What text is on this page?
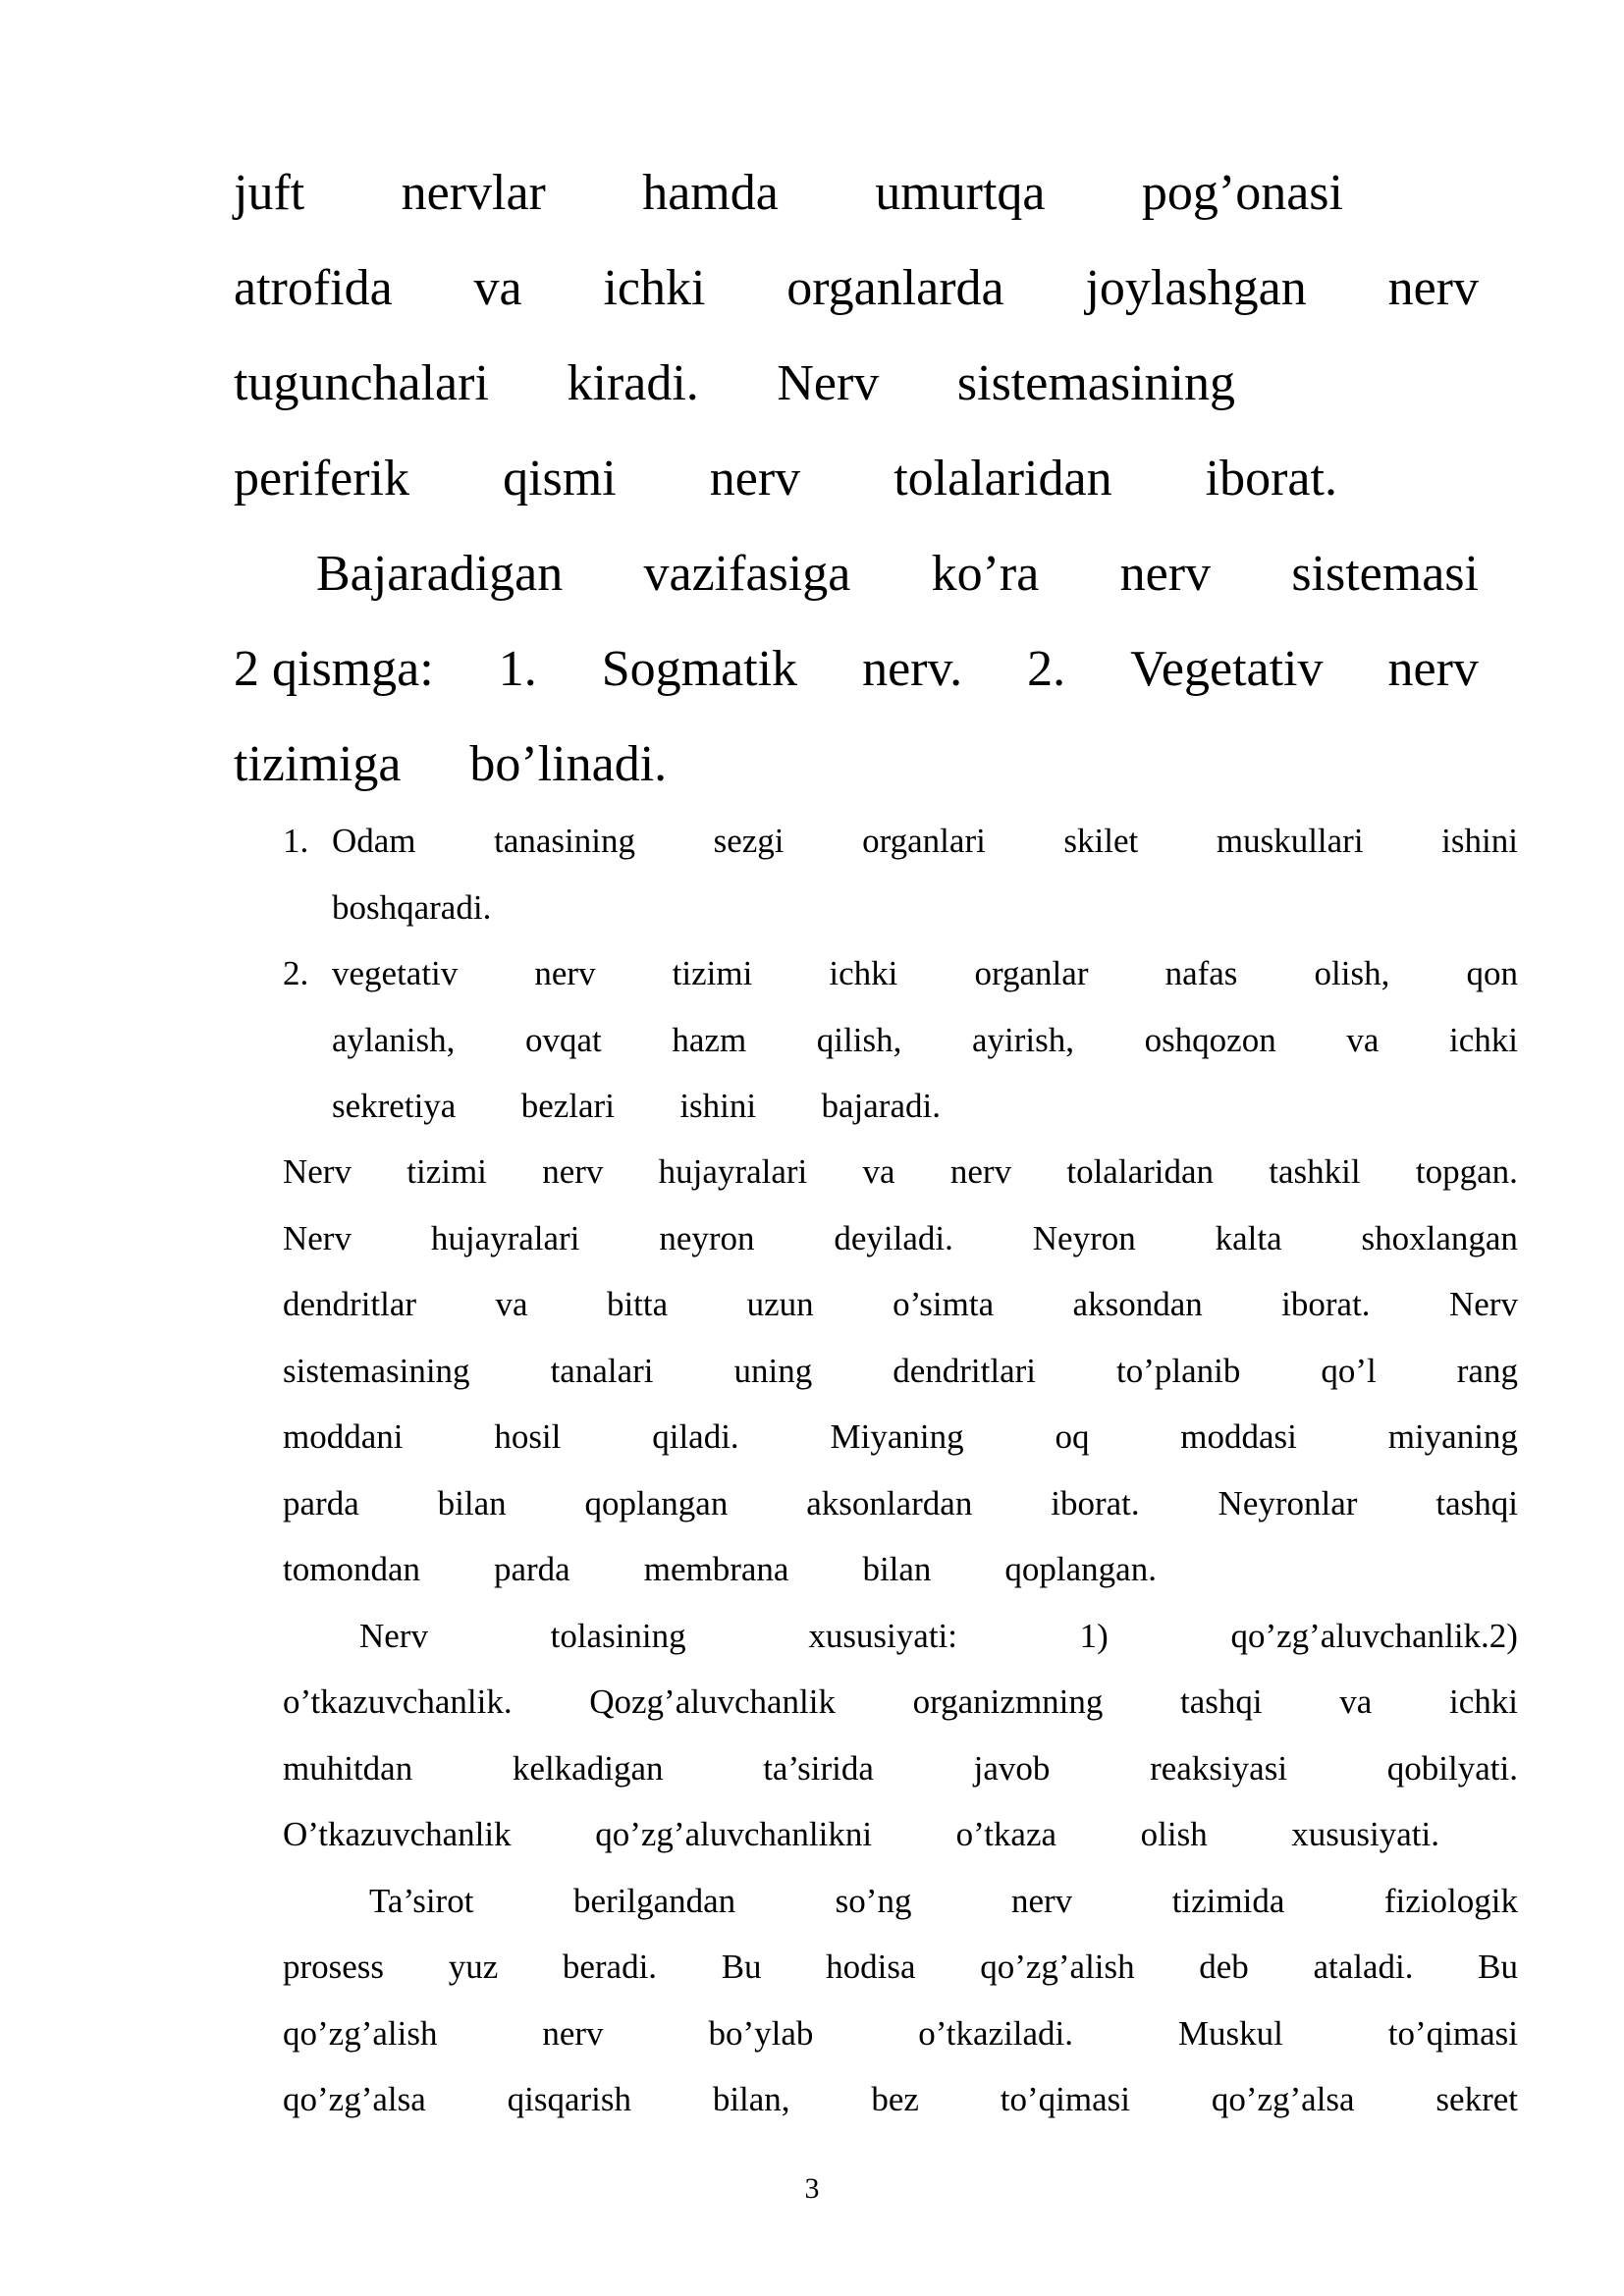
juft nervlar hamda umurtqa pog’onasi
atrofida va ichki organlarda joylashgan nerv
tugunchalari kiradi. Nerv sistemasining
periferik qismi nerv tolalaridan iborat.
Bajaradigan vazifasiga ko’ra nerv sistemasi
2 qismga: 1. Sogmatik nerv. 2. Vegetativ nerv
tizimiga bo’linadi.
1. Odam tanasining sezgi organlari skilet muskullari ishini
boshqaradi.
2. vegetativ nerv tizimi ichki organlar nafas olish, qon
aylanish, ovqat hazm qilish, ayirish, oshqozon va ichki
sekretiya bezlari ishini bajaradi.
Nerv tizimi nerv hujayralari va nerv tolalaridan tashkil topgan.
Nerv hujayralari neyron deyiladi. Neyron kalta shoxlangan
dendritlar va bitta uzun o’simta aksondan iborat. Nerv
sistemasining tanalari uning dendritlari to’planib qo’l rang
moddani	hosil	qiladi.	Miyaning	oq	moddasi	miyaning
parda bilan qoplangan aksonlardan iborat. Neyronlar tashqi
tomondan parda membrana bilan qoplangan.
Nerv	tolasining	xususiyati:	1)	qo’zg’aluvchanlik.2)
o’tkazuvchanlik. Qozg’aluvchanlik organizmning tashqi va ichki
muhitdan	kelkadigan	ta’sirida	javob	reaksiyasi	qobilyati.
O’tkazuvchanlik qo’zg’aluvchanlikni o’tkaza olish xususiyati.
Ta’sirot	berilgandan	so’ng	nerv	tizimida	fiziologik
prosess yuz beradi. Bu hodisa qo’zg’alish deb ataladi. Bu
qo’zg’alish	nerv	bo’ylab	o’tkaziladi.	Muskul	to’qimasi
qo’zg’alsa qisqarish bilan, bez to’qimasi qo’zg’alsa sekret
3
